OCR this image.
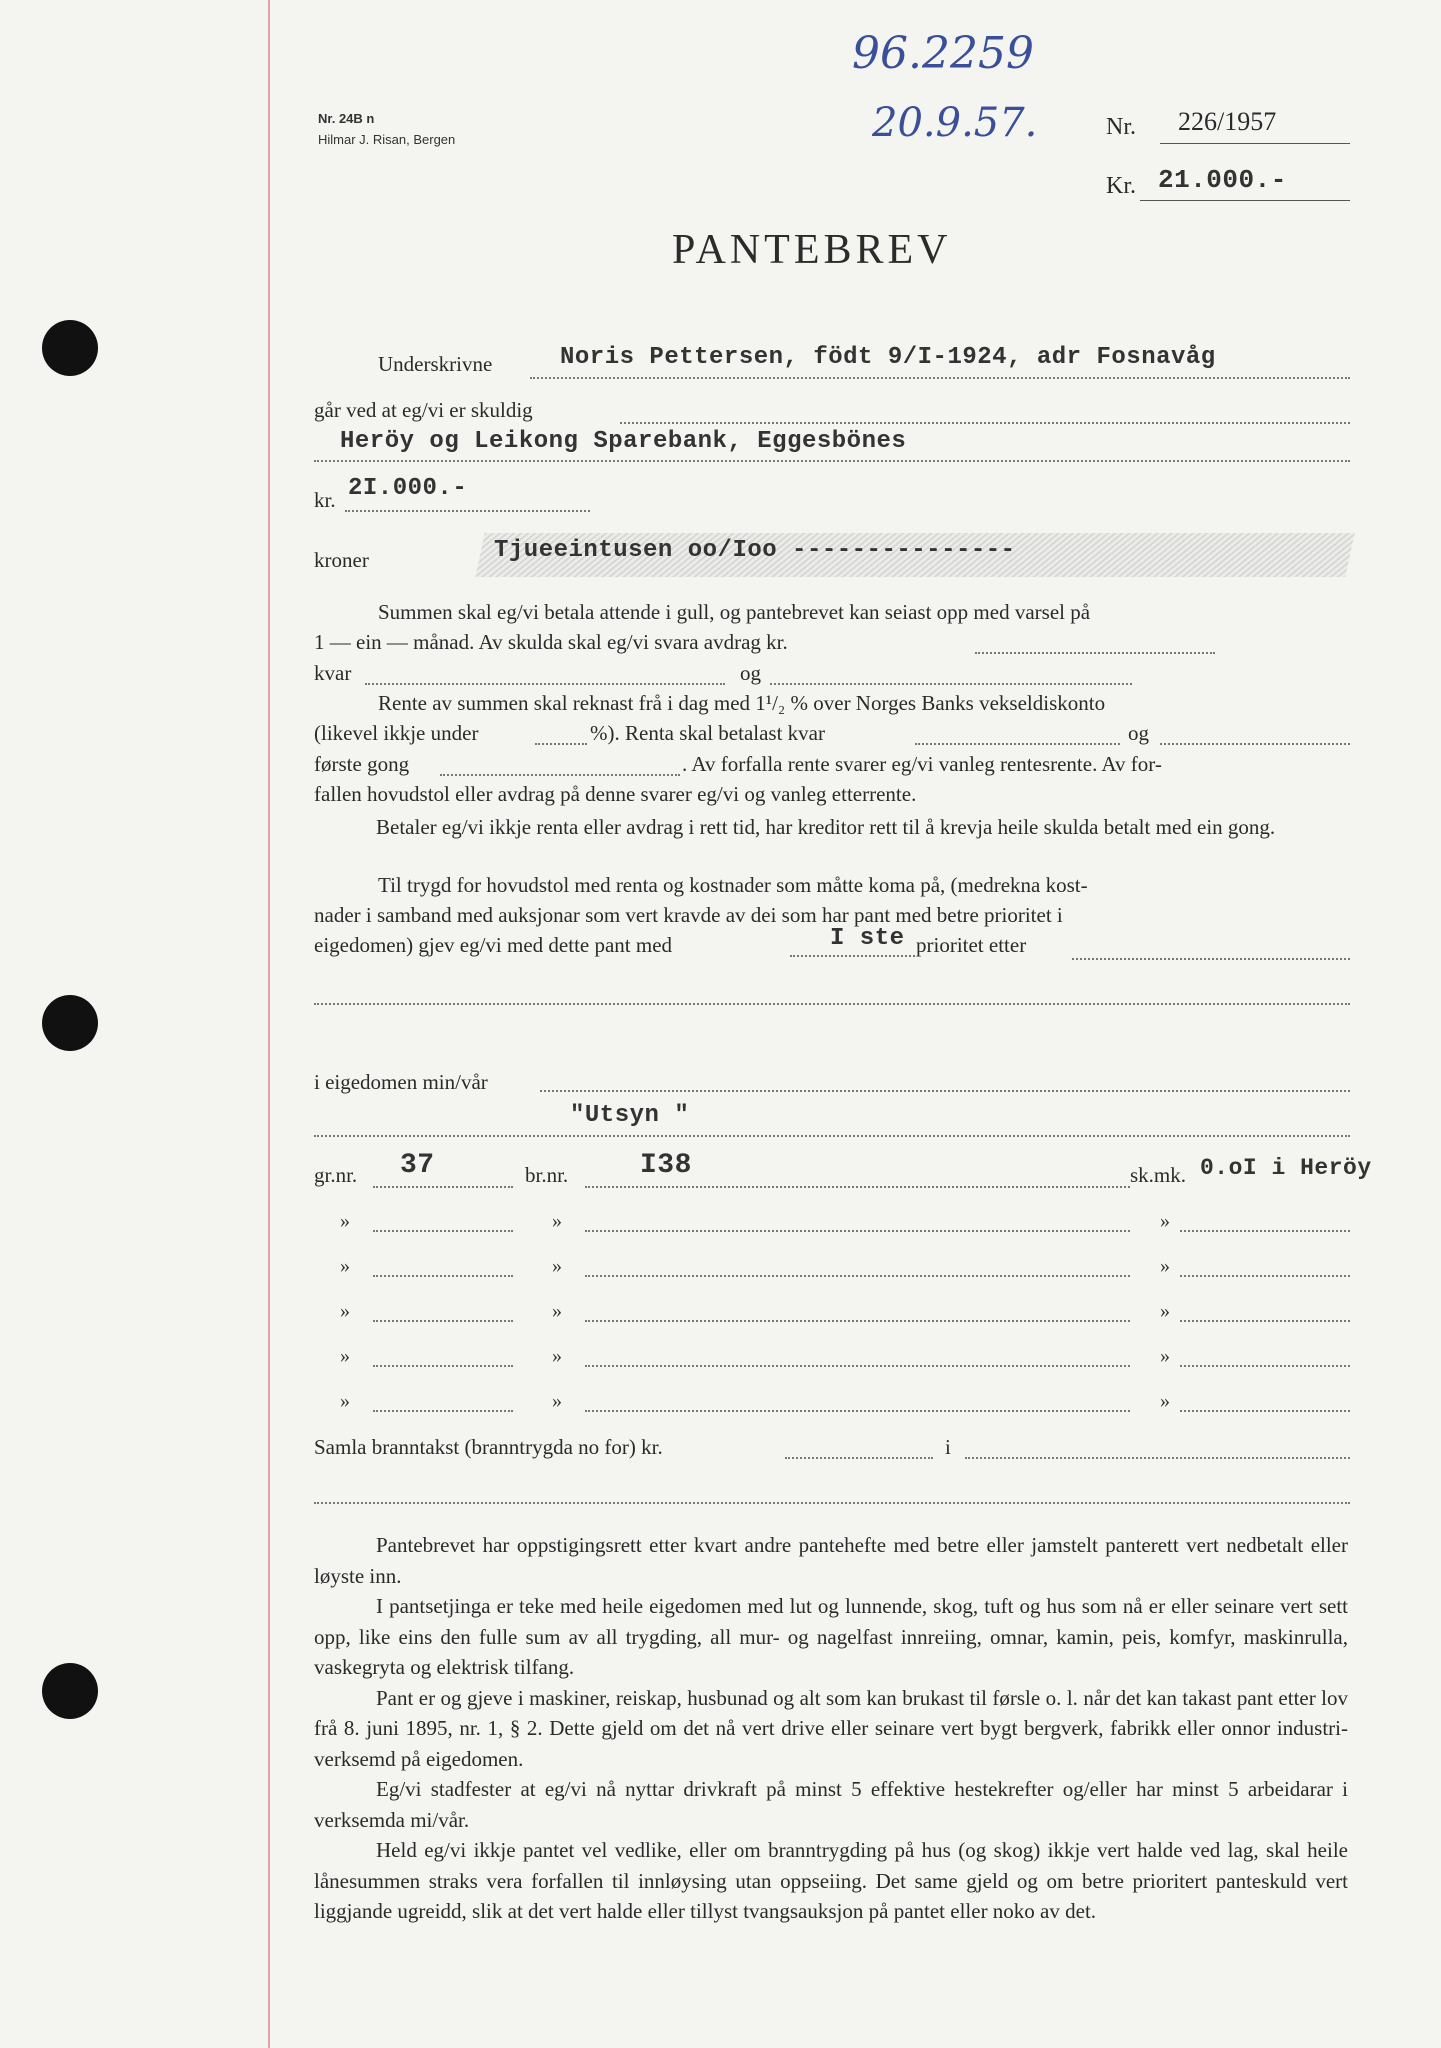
Nr. 24B n
Hilmar J. Risan, Bergen
96.2259
20.9.57.	Nr. 226/1957
Kr. 21.000.-
PANTEBREV
Underskrivne	Noris Pettersen, födt 9/I-1924, adr Fosnavåg
går ved at eg/vi er skuldig
Heröy og Leikong Sparebank, Eggesbönes
kr. 2I.000.-
kroner	Tjueeintusen oo/Ioo ---------------
Summen skal eg/vi betala attende i gull, og pantebrevet kan seiast opp med varsel på
1 — ein — månad. Av skulda skal eg/vi svara avdrag kr.
kvar	og
Rente av summen skal reknast frå i dag med 1¹/₂ % over Norges Banks vekseldiskonto
(likevel ikkje under	%). Renta skal betalast kvar	og
første gong	. Av forfalla rente svarer eg/vi vanleg rentesrente. Av for-
fallen hovudstol eller avdrag på denne svarer eg/vi og vanleg etterrente.

Betaler eg/vi ikkje renta eller avdrag i rett tid, har kreditor rett til å krevja heile skulda betalt med ein gong.

Til trygd for hovudstol med renta og kostnader som måtte koma på, (medrekna kost-
nader i samband med auksjonar som vert kravde av dei som har pant med betre prioritet i
eigedomen) gjev eg/vi med dette pant med	I ste prioritet etter
i eigedomen min/vår
"Utsyn "
gr.nr. 37	br.nr.	I38	sk.mk. 0.oI i Heröy
»	»	»
»	»	»
»	»	»
»	»	»
»	»	»
Samla branntakst (branntrygda no for) kr.	i

Pantebrevet har oppstigingsrett etter kvart andre pantehefte med betre eller jamstelt panterett vert nedbetalt eller løyste inn.

I pantsetjinga er teke med heile eigedomen med lut og lunnende, skog, tuft og hus som nå er eller seinare vert sett opp, like eins den fulle sum av all trygding, all mur- og nagelfast innreiing, omnar, kamin, peis, komfyr, maskinrulla, vaskegryta og elektrisk tilfang.

Pant er og gjeve i maskiner, reiskap, husbunad og alt som kan brukast til førsle o. l. når det kan takast pant etter lov frå 8. juni 1895, nr. 1, § 2. Dette gjeld om det nå vert drive eller seinare vert bygt bergverk, fabrikk eller onnor industri-verksemd på eigedomen.

Eg/vi stadfester at eg/vi nå nyttar drivkraft på minst 5 effektive hestekrefter og/eller har minst 5 arbeidarar i verksemda mi/vår.

Held eg/vi ikkje pantet vel vedlike, eller om branntrygding på hus (og skog) ikkje vert halde ved lag, skal heile lånesummen straks vera forfallen til innløysing utan oppseiing. Det same gjeld og om betre prioritert panteskuld vert liggjande ugreidd, slik at det vert halde eller tillyst tvangsauksjon på pantet eller noko av det.
